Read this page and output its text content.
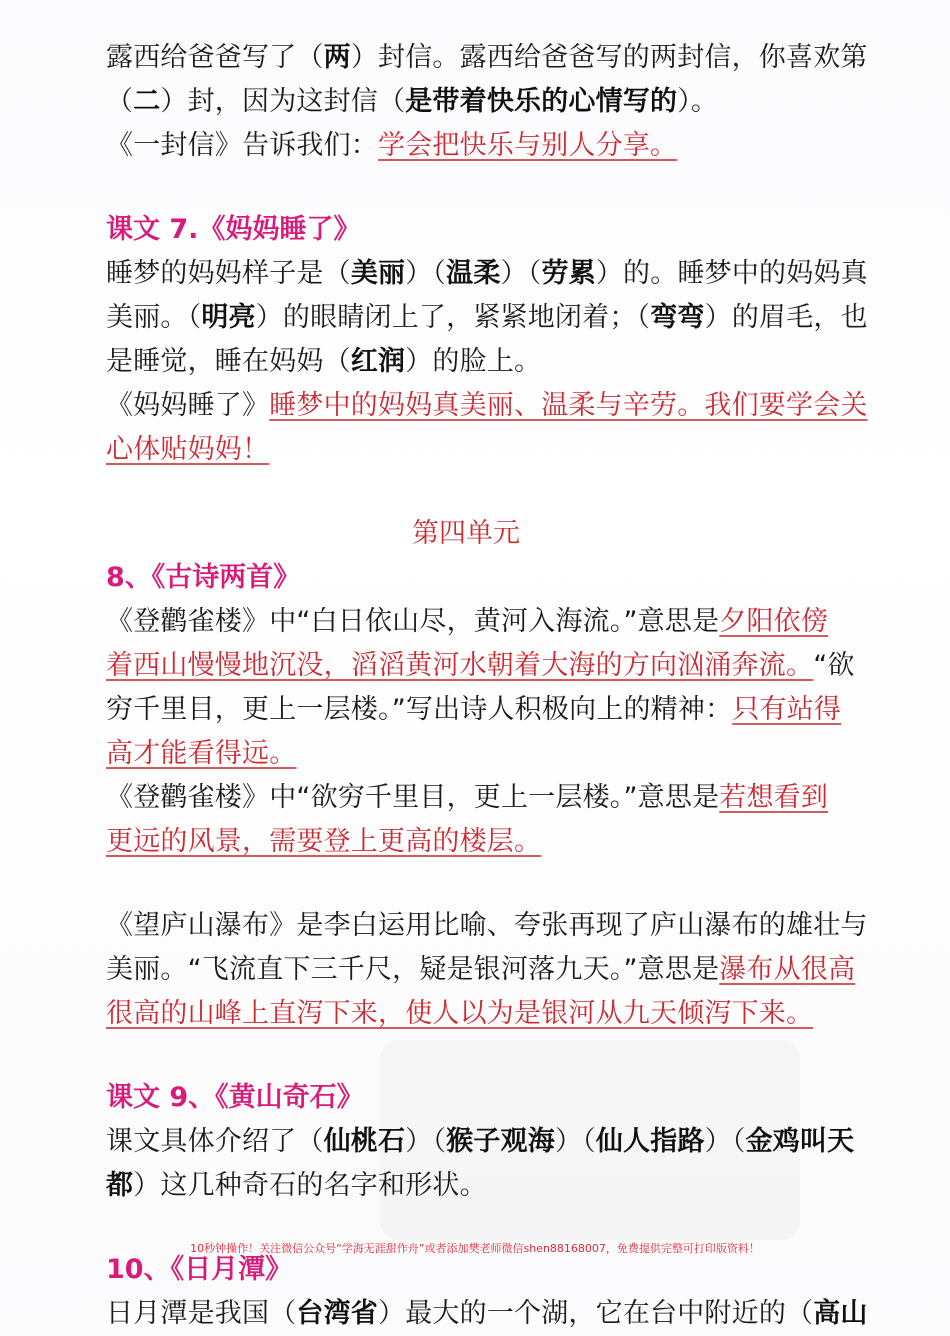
露西给爸爸写了（两）封信。露西给爸爸写的两封信，你喜欢第
（二）封，因为这封信（是带着快乐的心情写的）。
《一封信》告诉我们：学会把快乐与别人分享。
课文 7.《妈妈睡了》
睡梦的妈妈样子是（美丽）（温柔）（劳累）的。睡梦中的妈妈真
美丽。（明亮）的眼睛闭上了，紧紧地闭着；（弯弯）的眉毛，也
是睡觉，睡在妈妈（红润）的脸上。
《妈妈睡了》睡梦中的妈妈真美丽、温柔与辛劳。我们要学会关
心体贴妈妈！
第四单元
8、《古诗两首》
《登鹳雀楼》中“白日依山尽，黄河入海流。”意思是夕阳依傍
着西山慢慢地沉没，滔滔黄河水朝着大海的方向汹涌奔流。“欲
穷千里目，更上一层楼。”写出诗人积极向上的精神：只有站得
高才能看得远。
《登鹳雀楼》中“欲穷千里目，更上一层楼。”意思是若想看到
更远的风景，需要登上更高的楼层。
《望庐山瀑布》是李白运用比喻、夸张再现了庐山瀑布的雄壮与
美丽。“飞流直下三千尺，疑是银河落九天。”意思是瀑布从很高
很高的山峰上直泻下来，使人以为是银河从九天倾泻下来。
课文 9、《黄山奇石》
课文具体介绍了（仙桃石）（猴子观海）（仙人指路）（金鸡叫天
都）这几种奇石的名字和形状。
10、《日月潭》
日月潭是我国（台湾省）最大的一个湖，它在台中附近的（高山
10秒钟操作！关注微信公众号“学海无涯甜作舟”或者添加樊老师微信shen88168007，免费提供完整可打印版资料！
